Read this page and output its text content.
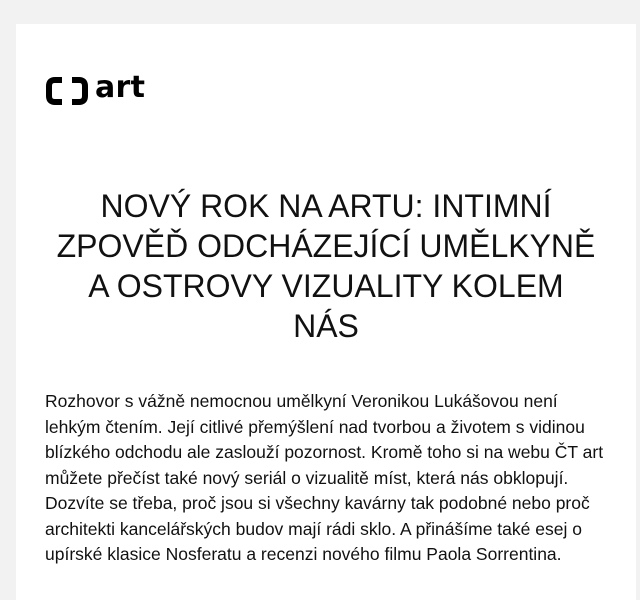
art
NOVÝ ROK NA ARTU: INTIMNÍ ZPOVĚĎ ODCHÁZEJÍCÍ UMĚLKYNĚ A OSTROVY VIZUALITY KOLEM NÁS

Rozhovor s vážně nemocnou umělkyní Veronikou Lukášovou není lehkým čtením. Její citlivé přemýšlení nad tvorbou a životem s vidinou blízkého odchodu ale zaslouží pozornost. Kromě toho si na webu ČT art můžete přečíst také nový seriál o vizualitě míst, která nás obklopují. Dozvíte se třeba, proč jsou si všechny kavárny tak podobné nebo proč architekti kancelářských budov mají rádi sklo. A přinášíme také esej o upírské klasice Nosferatu a recenzi nového filmu Paola Sorrentina.
